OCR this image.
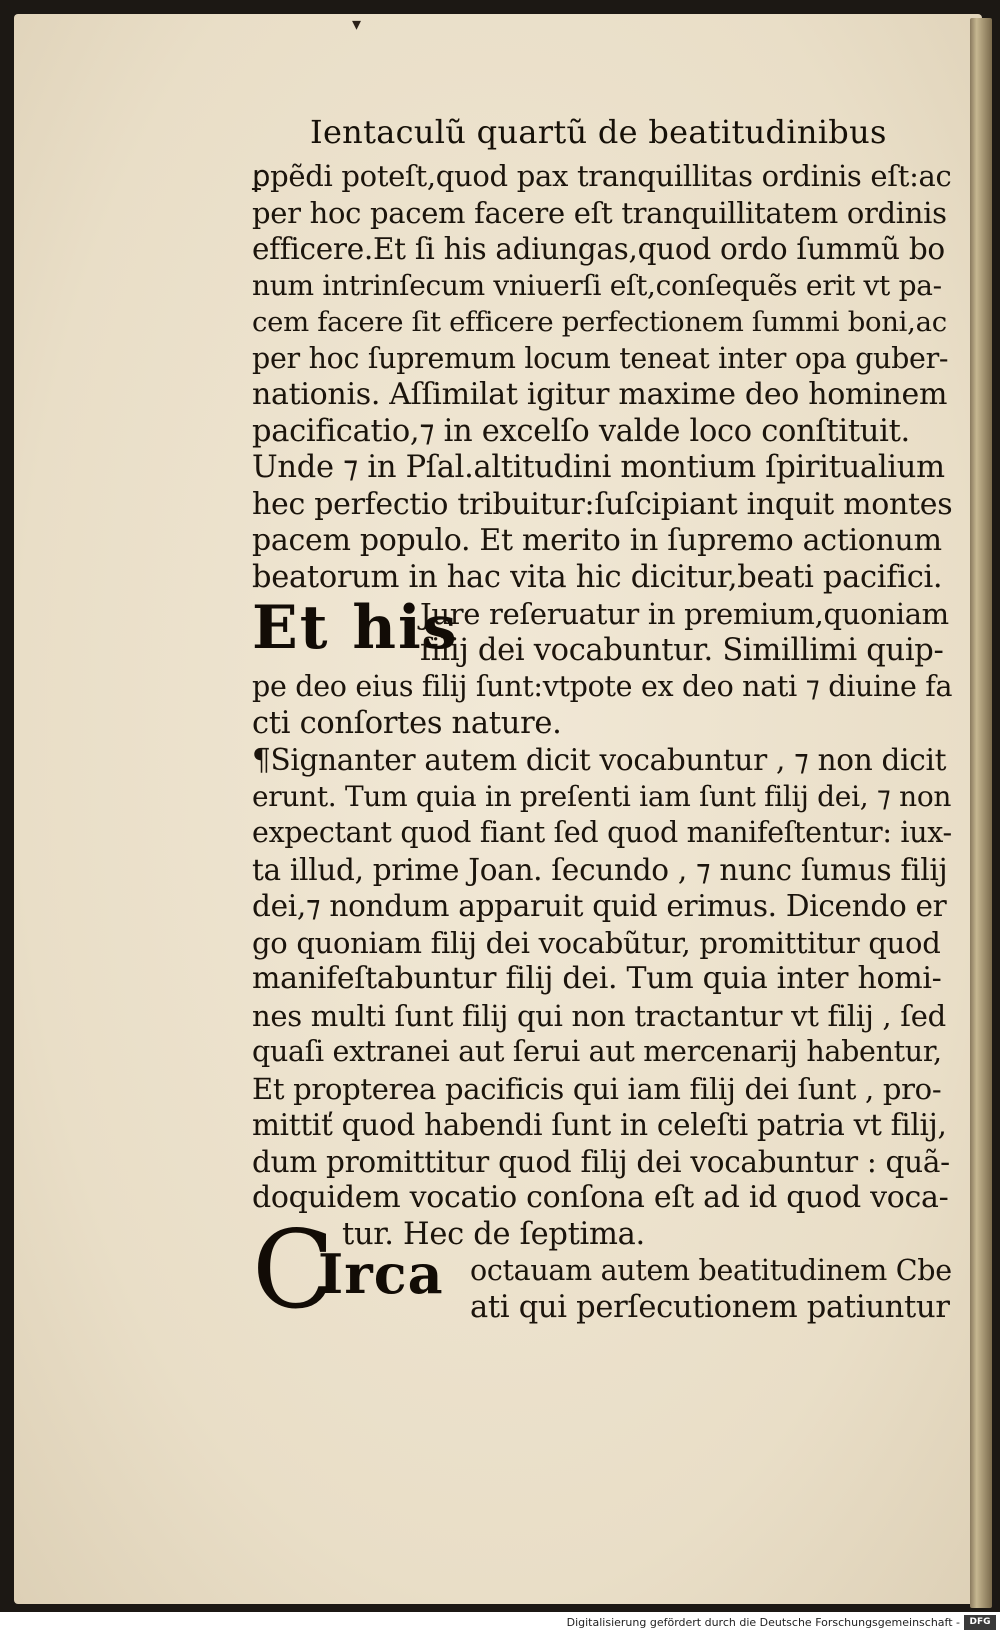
▾
Ientaculũ quartũ de beatitudinibus
ꝑpẽdi poteſt,quod pax tranquillitas ordinis eſt:ac
per hoc pacem facere eſt tranquillitatem ordinis
efficere.Et ſi his adiungas,quod ordo ſummũ bo
num intrinſecum vniuerſi eſt,conſequẽs erit vt pa-
cem facere ſit efficere perfectionem ſummi boni,ac
per hoc ſupremum locum teneat inter opa guber-
nationis. Aſſimilat igitur maxime deo hominem
pacificatio,⁊ in excelſo valde loco conſtituit.
Unde ⁊ in Pſal.altitudini montium ſpiritualium
hec perfectio tribuitur:ſuſcipiant inquit montes
pacem populo. Et merito in ſupremo actionum
beatorum in hac vita hic dicitur,beati pacifici.
Et his
Jure reſeruatur in premium,quoniam
filij dei vocabuntur. Simillimi quip-
pe deo eius filij ſunt:vtpote ex deo nati ⁊ diuine fa
cti conſortes nature.
¶Signanter autem dicit vocabuntur , ⁊ non dicit
erunt. Tum quia in preſenti iam ſunt filij dei, ⁊ non
expectant quod fiant ſed quod manifeſtentur: iux-
ta illud, prime Joan. ſecundo , ⁊ nunc ſumus filij
dei,⁊ nondum apparuit quid erimus. Dicendo er
go quoniam filij dei vocabũtur, promittitur quod
manifeſtabuntur filij dei. Tum quia inter homi-
nes multi ſunt filij qui non tractantur vt filij , ſed
quaſi extranei aut ſerui aut mercenarij habentur,
Et propterea pacificis qui iam filij dei ſunt , pro-
mittiť quod habendi ſunt in celeſti patria vt filij,
dum promittitur quod filij dei vocabuntur : quã-
doquidem vocatio conſona eſt ad id quod voca-
C
Irca
tur. Hec de ſeptima.
octauam autem beatitudinem Cbe
ati qui perſecutionem patiuntur
Digitalisierung gefördert durch die Deutsche Forschungsgemeinschaft -	DFG
